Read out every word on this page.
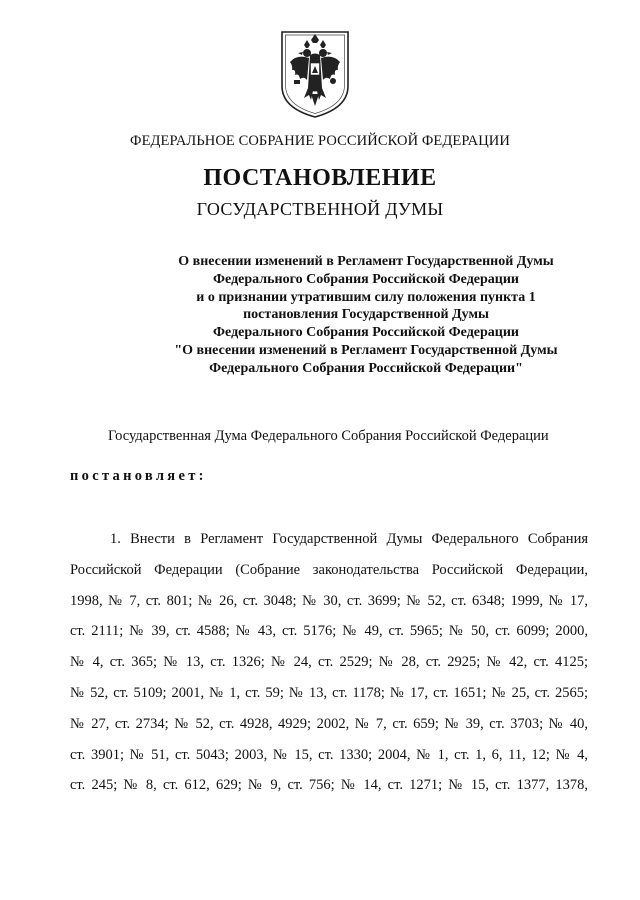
ФЕДЕРАЛЬНОЕ СОБРАНИЕ РОССИЙСКОЙ ФЕДЕРАЦИИ
ПОСТАНОВЛЕНИЕ
ГОСУДАРСТВЕННОЙ ДУМЫ
О внесении изменений в Регламент Государственной Думы
Федерального Собрания Российской Федерации
и о признании утратившим силу положения пункта 1
постановления Государственной Думы
Федерального Собрания Российской Федерации
"О внесении изменений в Регламент Государственной Думы
Федерального Собрания Российской Федерации"
Государственная Дума Федерального Собрания Российской Федерации
постановляет:
1. Внести в Регламент Государственной Думы Федерального Собрания
Российской Федерации (Собрание законодательства Российской Федерации,
1998, № 7, ст. 801; № 26, ст. 3048; № 30, ст. 3699; № 52, ст. 6348; 1999, № 17,
ст. 2111; № 39, ст. 4588; № 43, ст. 5176; № 49, ст. 5965; № 50, ст. 6099; 2000,
№ 4, ст. 365; № 13, ст. 1326; № 24, ст. 2529; № 28, ст. 2925; № 42, ст. 4125;
№ 52, ст. 5109; 2001, № 1, ст. 59; № 13, ст. 1178; № 17, ст. 1651; № 25, ст. 2565;
№ 27, ст. 2734; № 52, ст. 4928, 4929; 2002, № 7, ст. 659; № 39, ст. 3703; № 40,
ст. 3901; № 51, ст. 5043; 2003, № 15, ст. 1330; 2004, № 1, ст. 1, 6, 11, 12; № 4,
ст. 245; № 8, ст. 612, 629; № 9, ст. 756; № 14, ст. 1271; № 15, ст. 1377, 1378,
